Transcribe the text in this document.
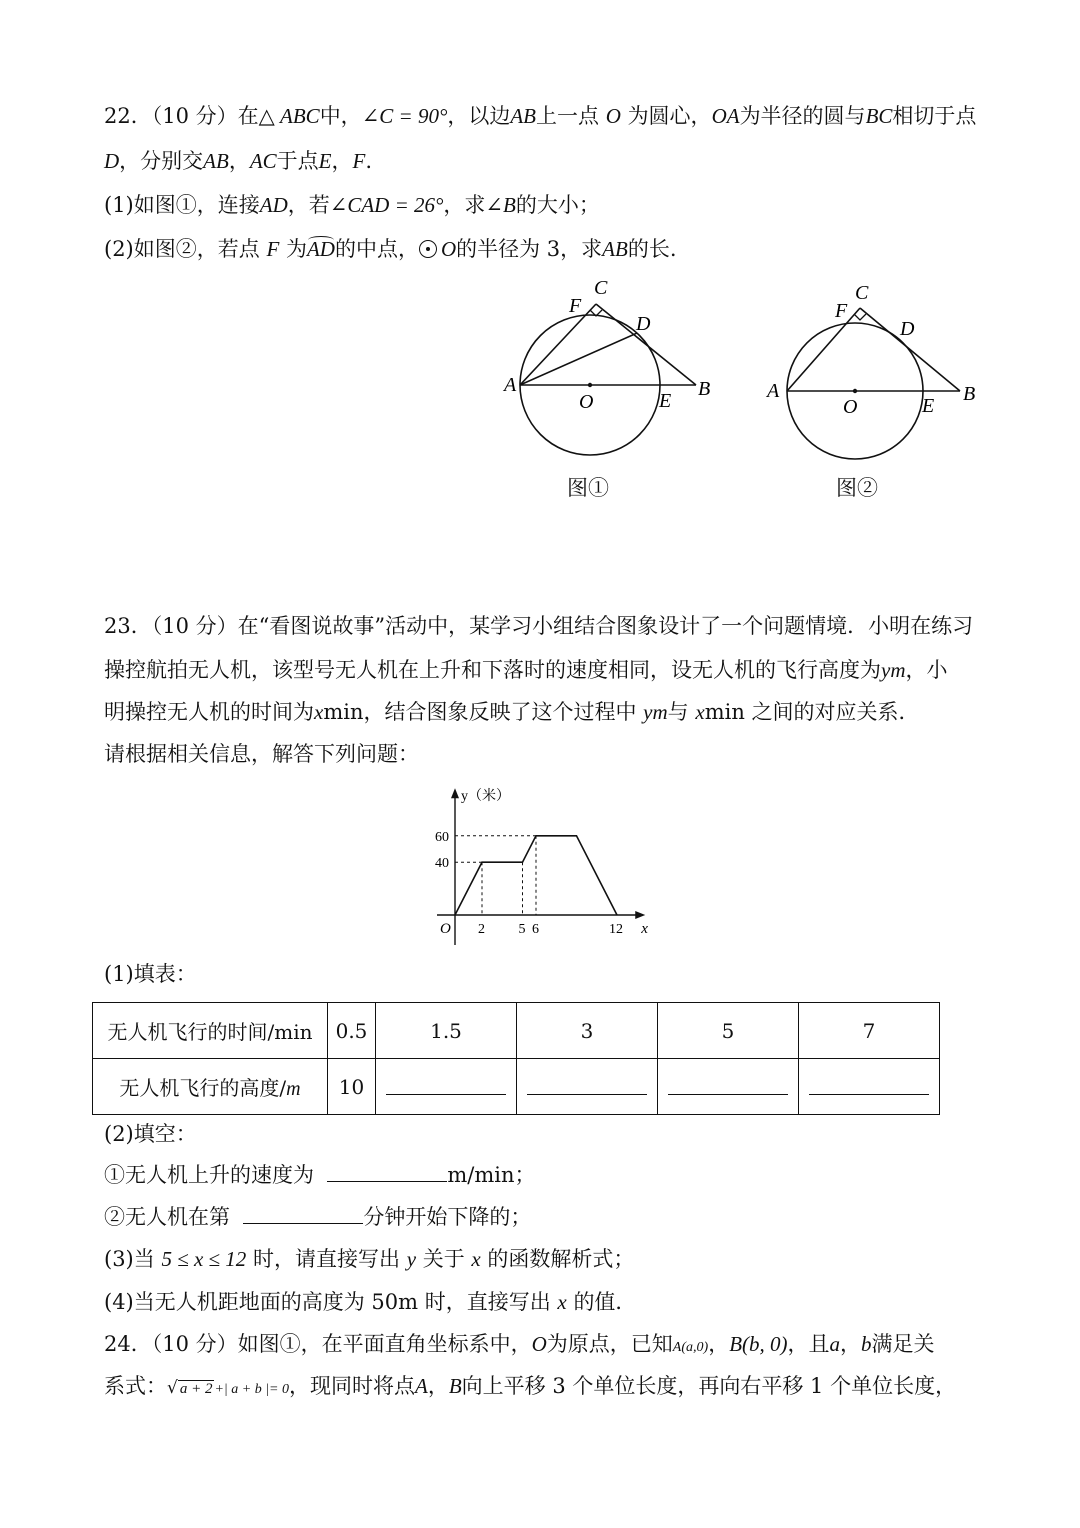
22．（10 分）在△ ABC中，∠C = 90°，以边AB上一点 O 为圆心，OA为半径的圆与BC相切于点
D，分别交AB，AC于点E，F.
(1)如图①，连接AD，若∠CAD = 26°，求∠B的大小；
(2)如图②，若点 F 为AD的中点， O的半径为 3，求AB的长.
C
F
D
A	B
E
O
图①
C
F
D
A	B
E
O
图②
23．（10 分）在“看图说故事”活动中，某学习小组结合图象设计了一个问题情境．小明在练习
操控航拍无人机，该型号无人机在上升和下落时的速度相同，设无人机的飞行高度为ym，小
明操控无人机的时间为xmin，结合图象反映了这个过程中 ym与 xmin 之间的对应关系．
请根据相关信息，解答下列问题：
2 5 6	12
40
60
O	x
y（米）
(1)填表：
无人机飞行的时间/min	0.5	1.5	3	5	7
无人机飞行的高度/m	10				
(2)填空：
①无人机上升的速度为	m/min；
②无人机在第	分钟开始下降的；
(3)当 5 ≤ x ≤ 12 时，请直接写出 y 关于 x 的函数解析式；
(4)当无人机距地面的高度为 50m 时，直接写出 x 的值．
24．（10 分）如图①，在平面直角坐标系中，O为原点，已知A(a,0)，B(b, 0)，且a，b满足关
系式：√ a + 2 +| a + b |= 0，现同时将点A，B向上平移 3 个单位长度，再向右平移 1 个单位长度，
